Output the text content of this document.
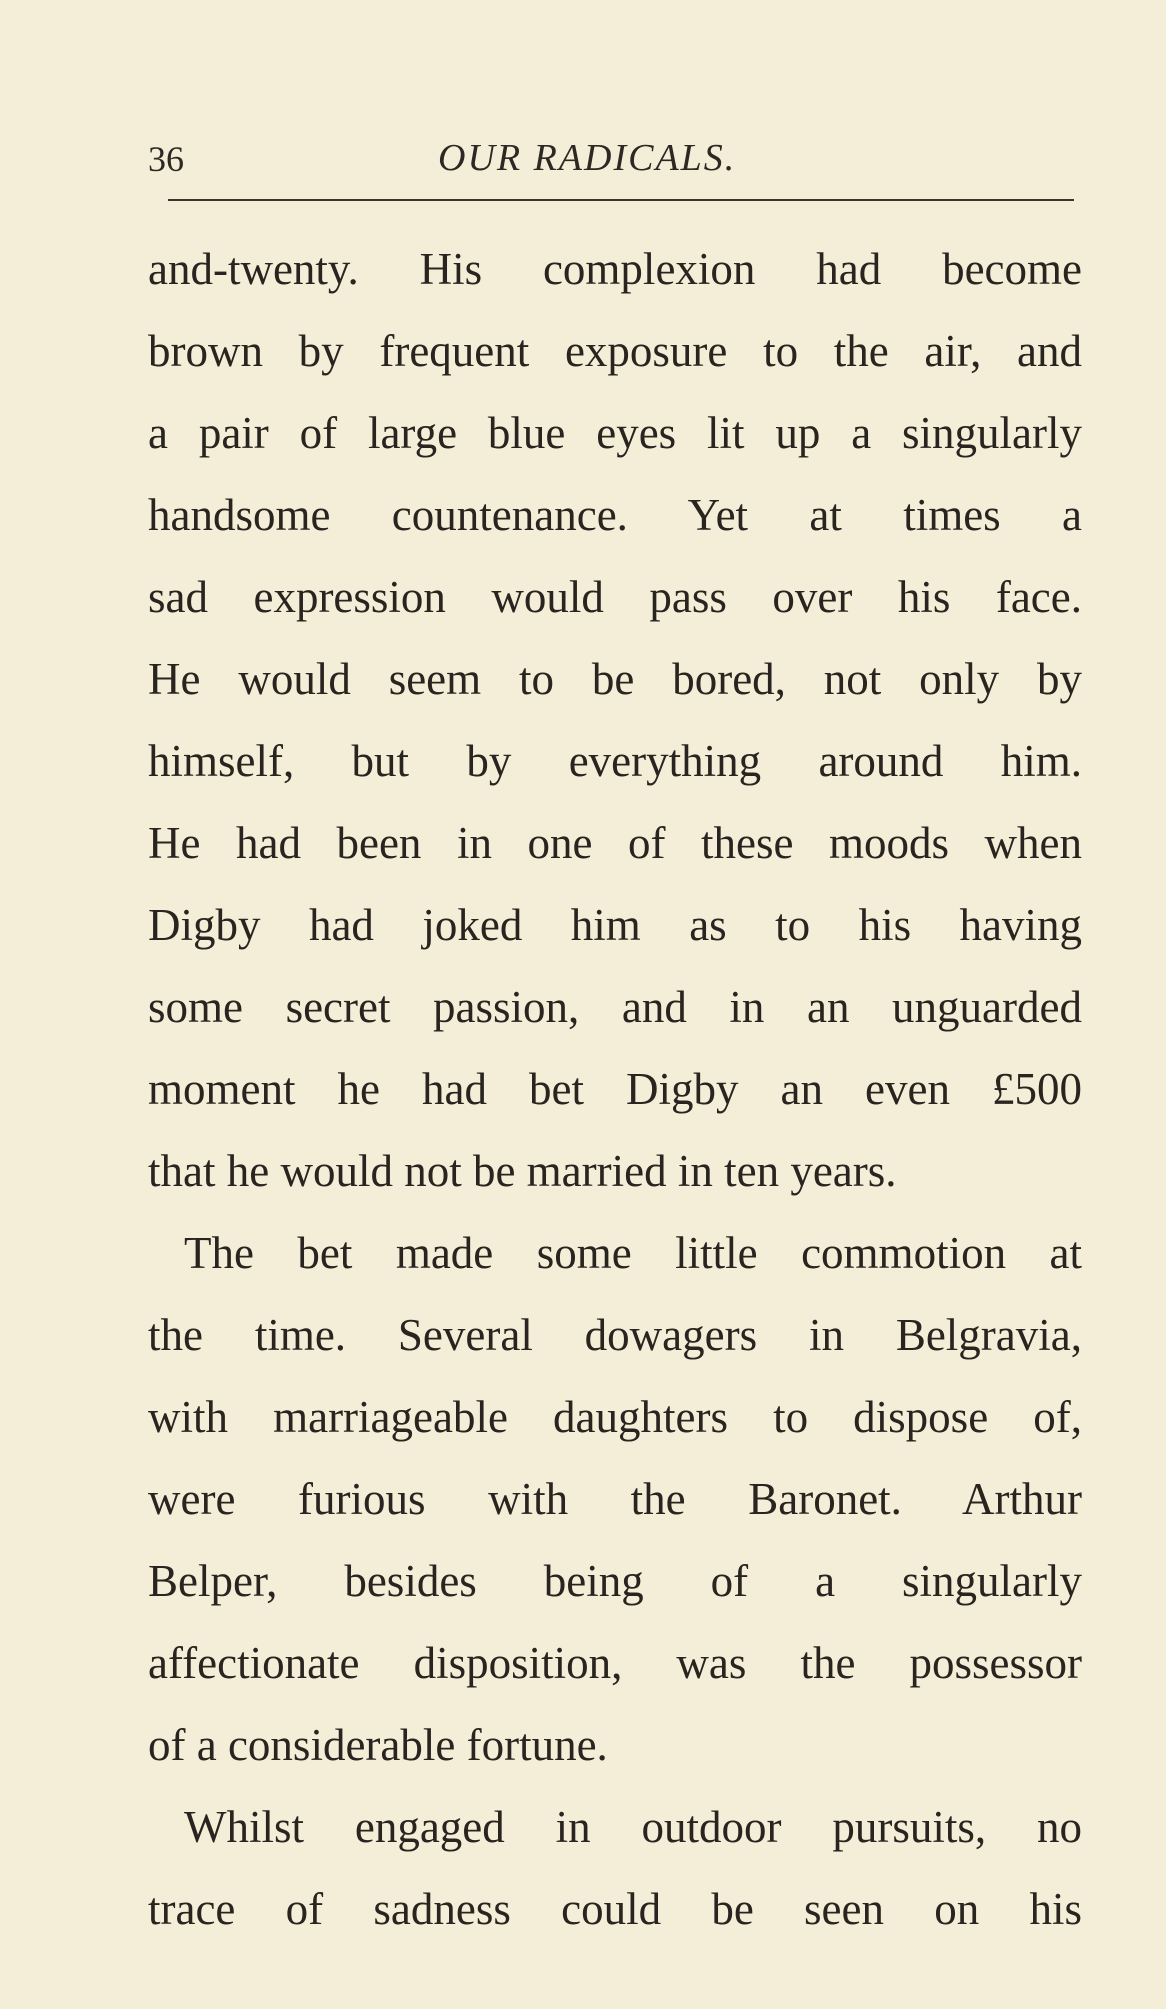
36	OUR RADICALS.
and-twenty. His complexion had become
brown by frequent exposure to the air, and
a pair of large blue eyes lit up a singularly
handsome countenance. Yet at times a
sad expression would pass over his face.
He would seem to be bored, not only by
himself, but by everything around him.
He had been in one of these moods when
Digby had joked him as to his having
some secret passion, and in an unguarded
moment he had bet Digby an even £500
that he would not be married in ten years.
The bet made some little commotion at
the time. Several dowagers in Belgravia,
with marriageable daughters to dispose of,
were furious with the Baronet. Arthur
Belper, besides being of a singularly
affectionate disposition, was the possessor
of a considerable fortune.
Whilst engaged in outdoor pursuits, no
trace of sadness could be seen on his
